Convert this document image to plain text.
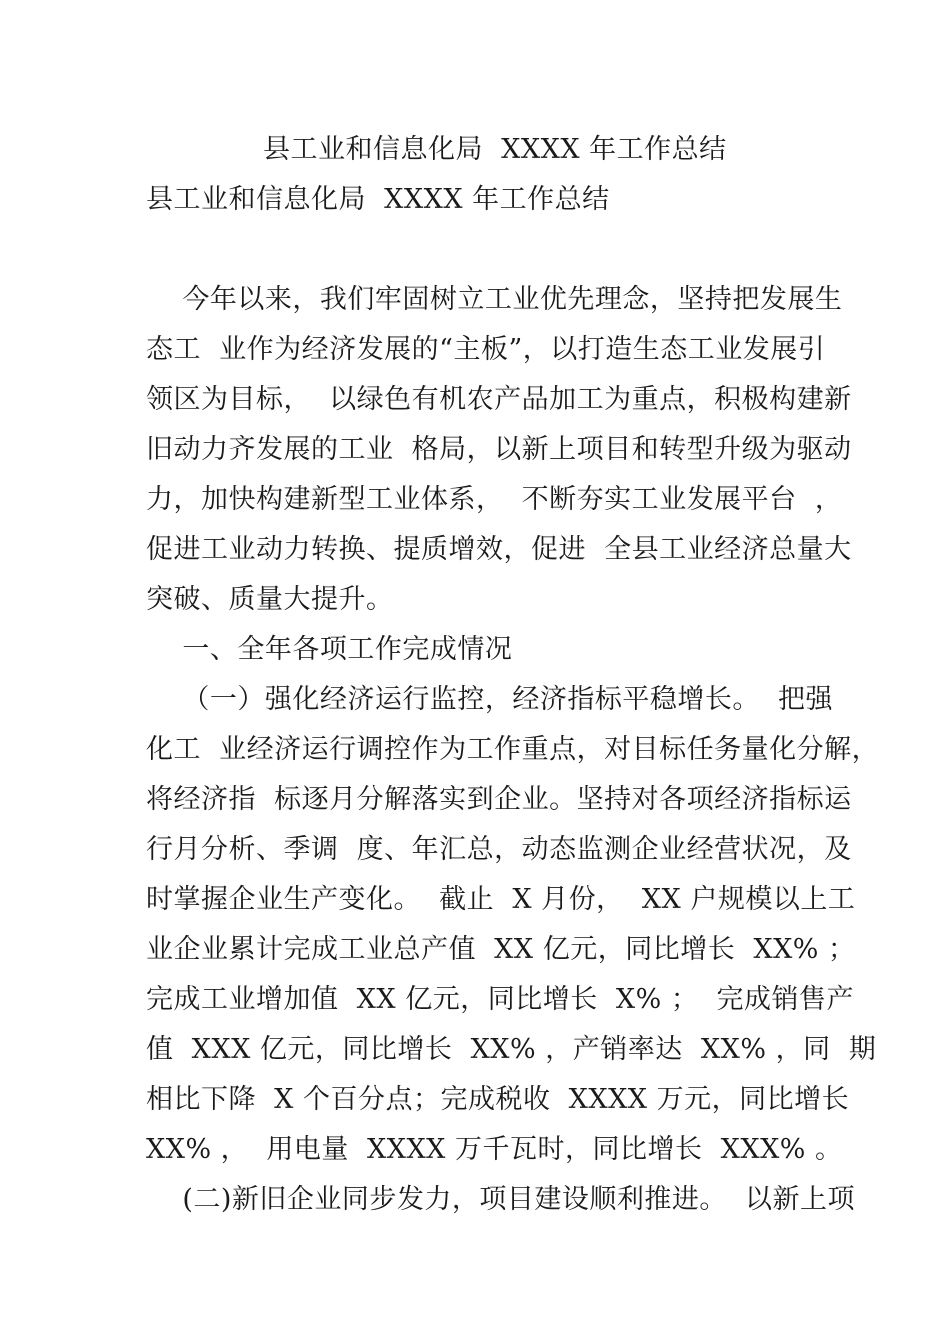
县工业和信息化局  XXXX 年工作总结
县工业和信息化局  XXXX 年工作总结
今年以来，我们牢固树立工业优先理念，坚持把发展生
态工  业作为经济发展的“主板”，以打造生态工业发展引
领区为目标，  以绿色有机农产品加工为重点，积极构建新
旧动力齐发展的工业  格局，以新上项目和转型升级为驱动
力，加快构建新型工业体系，  不断夯实工业发展平台  ，
促进工业动力转换、提质增效，促进  全县工业经济总量大
突破、质量大提升。
一、全年各项工作完成情况
（一）强化经济运行监控，经济指标平稳增长。  把强
化工  业经济运行调控作为工作重点，对目标任务量化分解，
将经济指  标逐月分解落实到企业。坚持对各项经济指标运
行月分析、季调  度、年汇总，动态监测企业经营状况，及
时掌握企业生产变化。  截止  X 月份，  XX 户规模以上工
业企业累计完成工业总产值  XX 亿元，同比增长  XX% ；
完成工业增加值  XX 亿元，同比增长  X% ；  完成销售产
值  XXX 亿元，同比增长  XX% ，产销率达  XX% ，同  期
相比下降  X 个百分点；完成税收  XXXX 万元，同比增长
XX% ，  用电量  XXXX 万千瓦时，同比增长  XXX% 。
(二)新旧企业同步发力，项目建设顺利推进。  以新上项
